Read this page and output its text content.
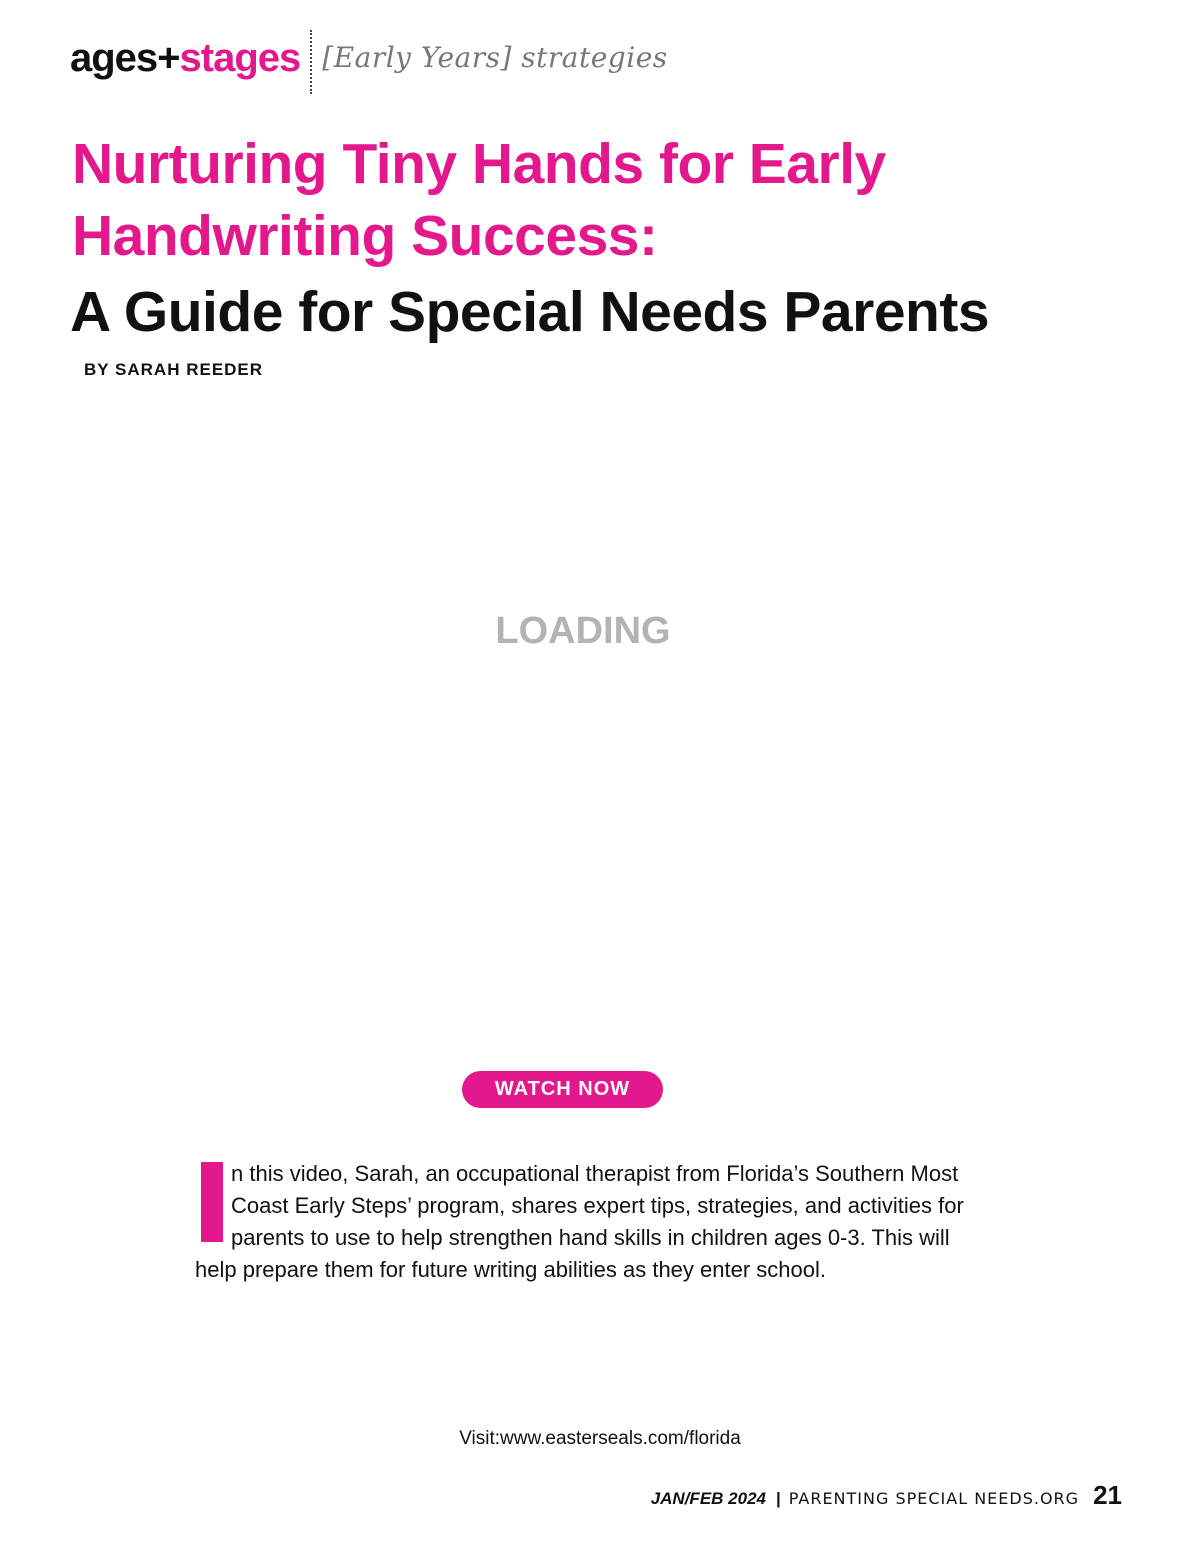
ages+stages [Early Years] strategies
Nurturing Tiny Hands for Early Handwriting Success:
A Guide for Special Needs Parents
BY SARAH REEDER
LOADING
WATCH NOW

n this video, Sarah, an occupational therapist from Florida’s Southern Most Coast Early Steps’ program, shares expert tips, strategies, and activities for parents to use to help strengthen hand skills in children ages 0-3. This will help prepare them for future writing abilities as they enter school.

Visit:www.easterseals.com/florida
JAN/FEB 2024 | PARENTING SPECIAL NEEDS.ORG 21
